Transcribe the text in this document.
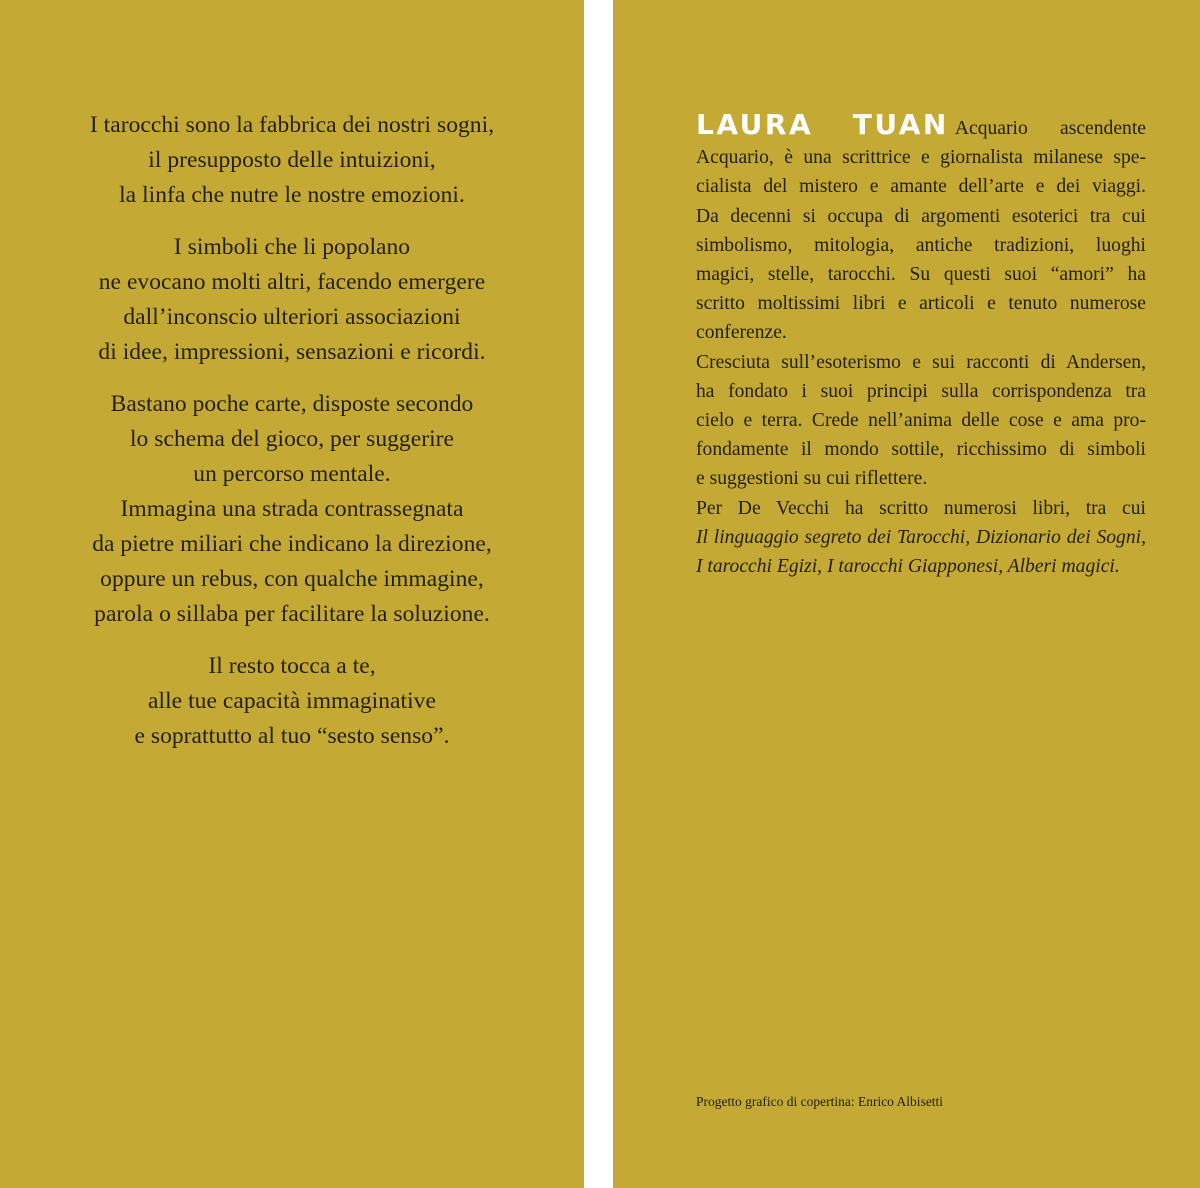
I tarocchi sono la fabbrica dei nostri sogni,
il presupposto delle intuizioni,
la linfa che nutre le nostre emozioni.

I simboli che li popolano
ne evocano molti altri, facendo emergere
dall’inconscio ulteriori associazioni
di idee, impressioni, sensazioni e ricordi.

Bastano poche carte, disposte secondo
lo schema del gioco, per suggerire
un percorso mentale.
Immagina una strada contrassegnata
da pietre miliari che indicano la direzione,
oppure un rebus, con qualche immagine,
parola o sillaba per facilitare la soluzione.

Il resto tocca a te,
alle tue capacità immaginative
e soprattutto al tuo “sesto senso”.

LAURA TUAN Acquario ascendente
Acquario, è una scrittrice e giornalista milanese spe-
cialista del mistero e amante dell’arte e dei viaggi.
Da decenni si occupa di argomenti esoterici tra cui
simbolismo, mitologia, antiche tradizioni, luoghi
magici, stelle, tarocchi. Su questi suoi “amori” ha
scritto moltissimi libri e articoli e tenuto numerose
conferenze.
Cresciuta sull’esoterismo e sui racconti di Andersen,
ha fondato i suoi principi sulla corrispondenza tra
cielo e terra. Crede nell’anima delle cose e ama pro-
fondamente il mondo sottile, ricchissimo di simboli
e suggestioni su cui riflettere.
Per De Vecchi ha scritto numerosi libri, tra cui
Il linguaggio segreto dei Tarocchi, Dizionario dei Sogni,
I tarocchi Egizi, I tarocchi Giapponesi, Alberi magici.
Progetto grafico di copertina: Enrico Albisetti
